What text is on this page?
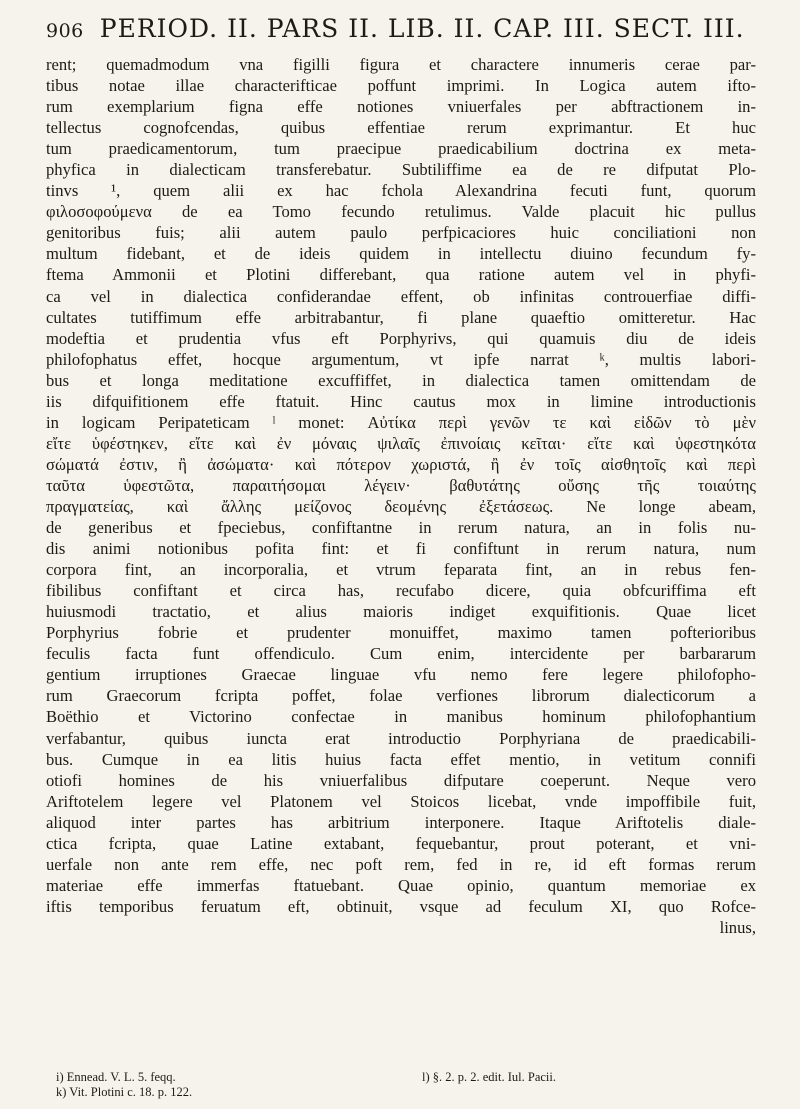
906 PERIOD. II. PARS II. LIB. II. CAP. III. SECT. III.
rent; quemadmodum vna figilli figura et charactere innumeris cerae par-
tibus notae illae characterifticae poffunt imprimi. In Logica autem ifto-
rum exemplarium figna effe notiones vniuerfales per abftractionem in-
tellectus cognofcendas, quibus effentiae rerum exprimantur. Et huc
tum praedicamentorum, tum praecipue praedicabilium doctrina ex meta-
phyfica in dialecticam transferebatur. Subtiliffime ea de re difputat Plo-
tinvs ¹, quem alii ex hac fchola Alexandrina fecuti funt, quorum
φιλοσοφούμενα de ea Tomo fecundo retulimus. Valde placuit hic pullus
genitoribus fuis; alii autem paulo perfpicaciores huic conciliationi non
multum fidebant, et de ideis quidem in intellectu diuino fecundum fy-
ftema Ammonii et Plotini differebant, qua ratione autem vel in phyfi-
ca vel in dialectica confiderandae effent, ob infinitas controuerfiae diffi-
cultates tutiffimum effe arbitrabantur, fi plane quaeftio omitteretur. Hac
modeftia et prudentia vfus eft Porphyrivs, qui quamuis diu de ideis
philofophatus effet, hocque argumentum, vt ipfe narrat ᵏ, multis labori-
bus et longa meditatione excuffiffet, in dialectica tamen omittendam de
iis difquifitionem effe ftatuit. Hinc cautus mox in limine introductionis
in logicam Peripateticam ˡ monet: Αὐτίκα περὶ γενῶν τε καὶ εἰδῶν τὸ μὲν
εἴτε ὑφέστηκεν, εἴτε καὶ ἐν μόναις ψιλαῖς ἐπινοίαις κεῖται· εἴτε καὶ ὑφεστηκότα
σώματά ἐστιν, ἢ ἀσώματα· καὶ πότερον χωριστά, ἢ ἐν τοῖς αἰσθητοῖς καὶ περὶ
ταῦτα ὑφεστῶτα, παραιτήσομαι λέγειν· βαθυτάτης οὔσης τῆς τοιαύτης
πραγματείας, καὶ ἄλλης μείζονος δεομένης ἐξετάσεως. Ne longe abeam,
de generibus et fpeciebus, confiftantne in rerum natura, an in folis nu-
dis animi notionibus pofita fint: et fi confiftunt in rerum natura, num
corpora fint, an incorporalia, et vtrum feparata fint, an in rebus fen-
fibilibus confiftant et circa has, recufabo dicere, quia obfcuriffima eft
huiusmodi tractatio, et alius maioris indiget exquifitionis. Quae licet
Porphyrius fobrie et prudenter monuiffet, maximo tamen pofterioribus
feculis facta funt offendiculo. Cum enim, intercidente per barbararum
gentium irruptiones Graecae linguae vfu nemo fere legere philofopho-
rum Graecorum fcripta poffet, folae verfiones librorum dialecticorum a
Boëthio et Victorino confectae in manibus hominum philofophantium
verfabantur, quibus iuncta erat introductio Porphyriana de praedicabili-
bus. Cumque in ea litis huius facta effet mentio, in vetitum connifi
otiofi homines de his vniuerfalibus difputare coeperunt. Neque vero
Ariftotelem legere vel Platonem vel Stoicos licebat, vnde impoffibile fuit,
aliquod inter partes has arbitrium interponere. Itaque Ariftotelis diale-
ctica fcripta, quae Latine extabant, fequebantur, prout poterant, et vni-
uerfale non ante rem effe, nec poft rem, fed in re, id eft formas rerum
materiae effe immerfas ftatuebant. Quae opinio, quantum memoriae ex
iftis temporibus feruatum eft, obtinuit, vsque ad feculum XI, quo Rofce-
linus,
i) Ennead. V. L. 5. feqq.
k) Vit. Plotini c. 18. p. 122.
l) §. 2. p. 2. edit. Iul. Pacii.
